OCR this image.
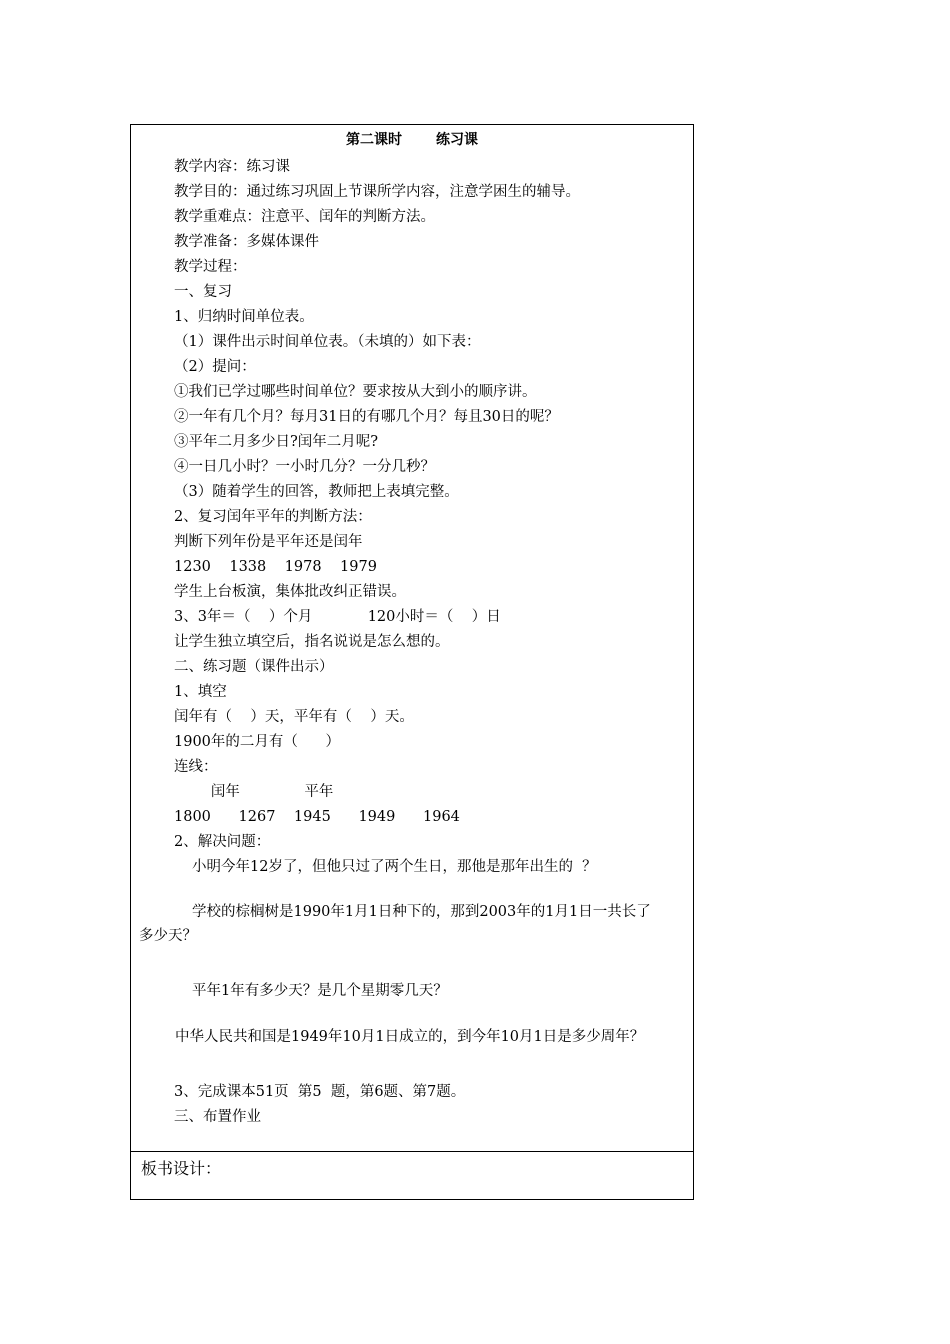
第二课时 练习课
教学内容：练习课
教学目的：通过练习巩固上节课所学内容，注意学困生的辅导。
教学重难点：注意平、闰年的判断方法。
教学准备：多媒体课件
教学过程：
一、复习
1、归纳时间单位表。
（1）课件出示时间单位表。（未填的）如下表：
（2）提问：
①我们已学过哪些时间单位？要求按从大到小的顺序讲。
②一年有几个月？每月31日的有哪几个月？每且30日的呢？
③平年二月多少日?闰年二月呢?
④一日几小时？一小时几分？一分几秒？
（3）随着学生的回答，教师把上表填完整。
2、复习闰年平年的判断方法：
判断下列年份是平年还是闰年
1230    1338    1978    1979
学生上台板演，集体批改纠正错误。
3、3年＝（    ）个月            120小时＝（    ）日
让学生独立填空后，指名说说是怎么想的。
二、练习题（课件出示）
1、填空
闰年有（    ）天，平年有（    ）天。
1900年的二月有（      ）
连线：
闰年              平年
1800      1267    1945      1949      1964
2、解决问题：
小明今年12岁了，但他只过了两个生日，那他是那年出生的  ？
学校的棕榈树是1990年1月1日种下的，那到2003年的1月1日一共长了多少天？
平年1年有多少天？是几个星期零几天？
中华人民共和国是1949年10月1日成立的，到今年10月1日是多少周年？
3、完成课本51页  第5  题，第6题、第7题。
三、布置作业
板书设计：
